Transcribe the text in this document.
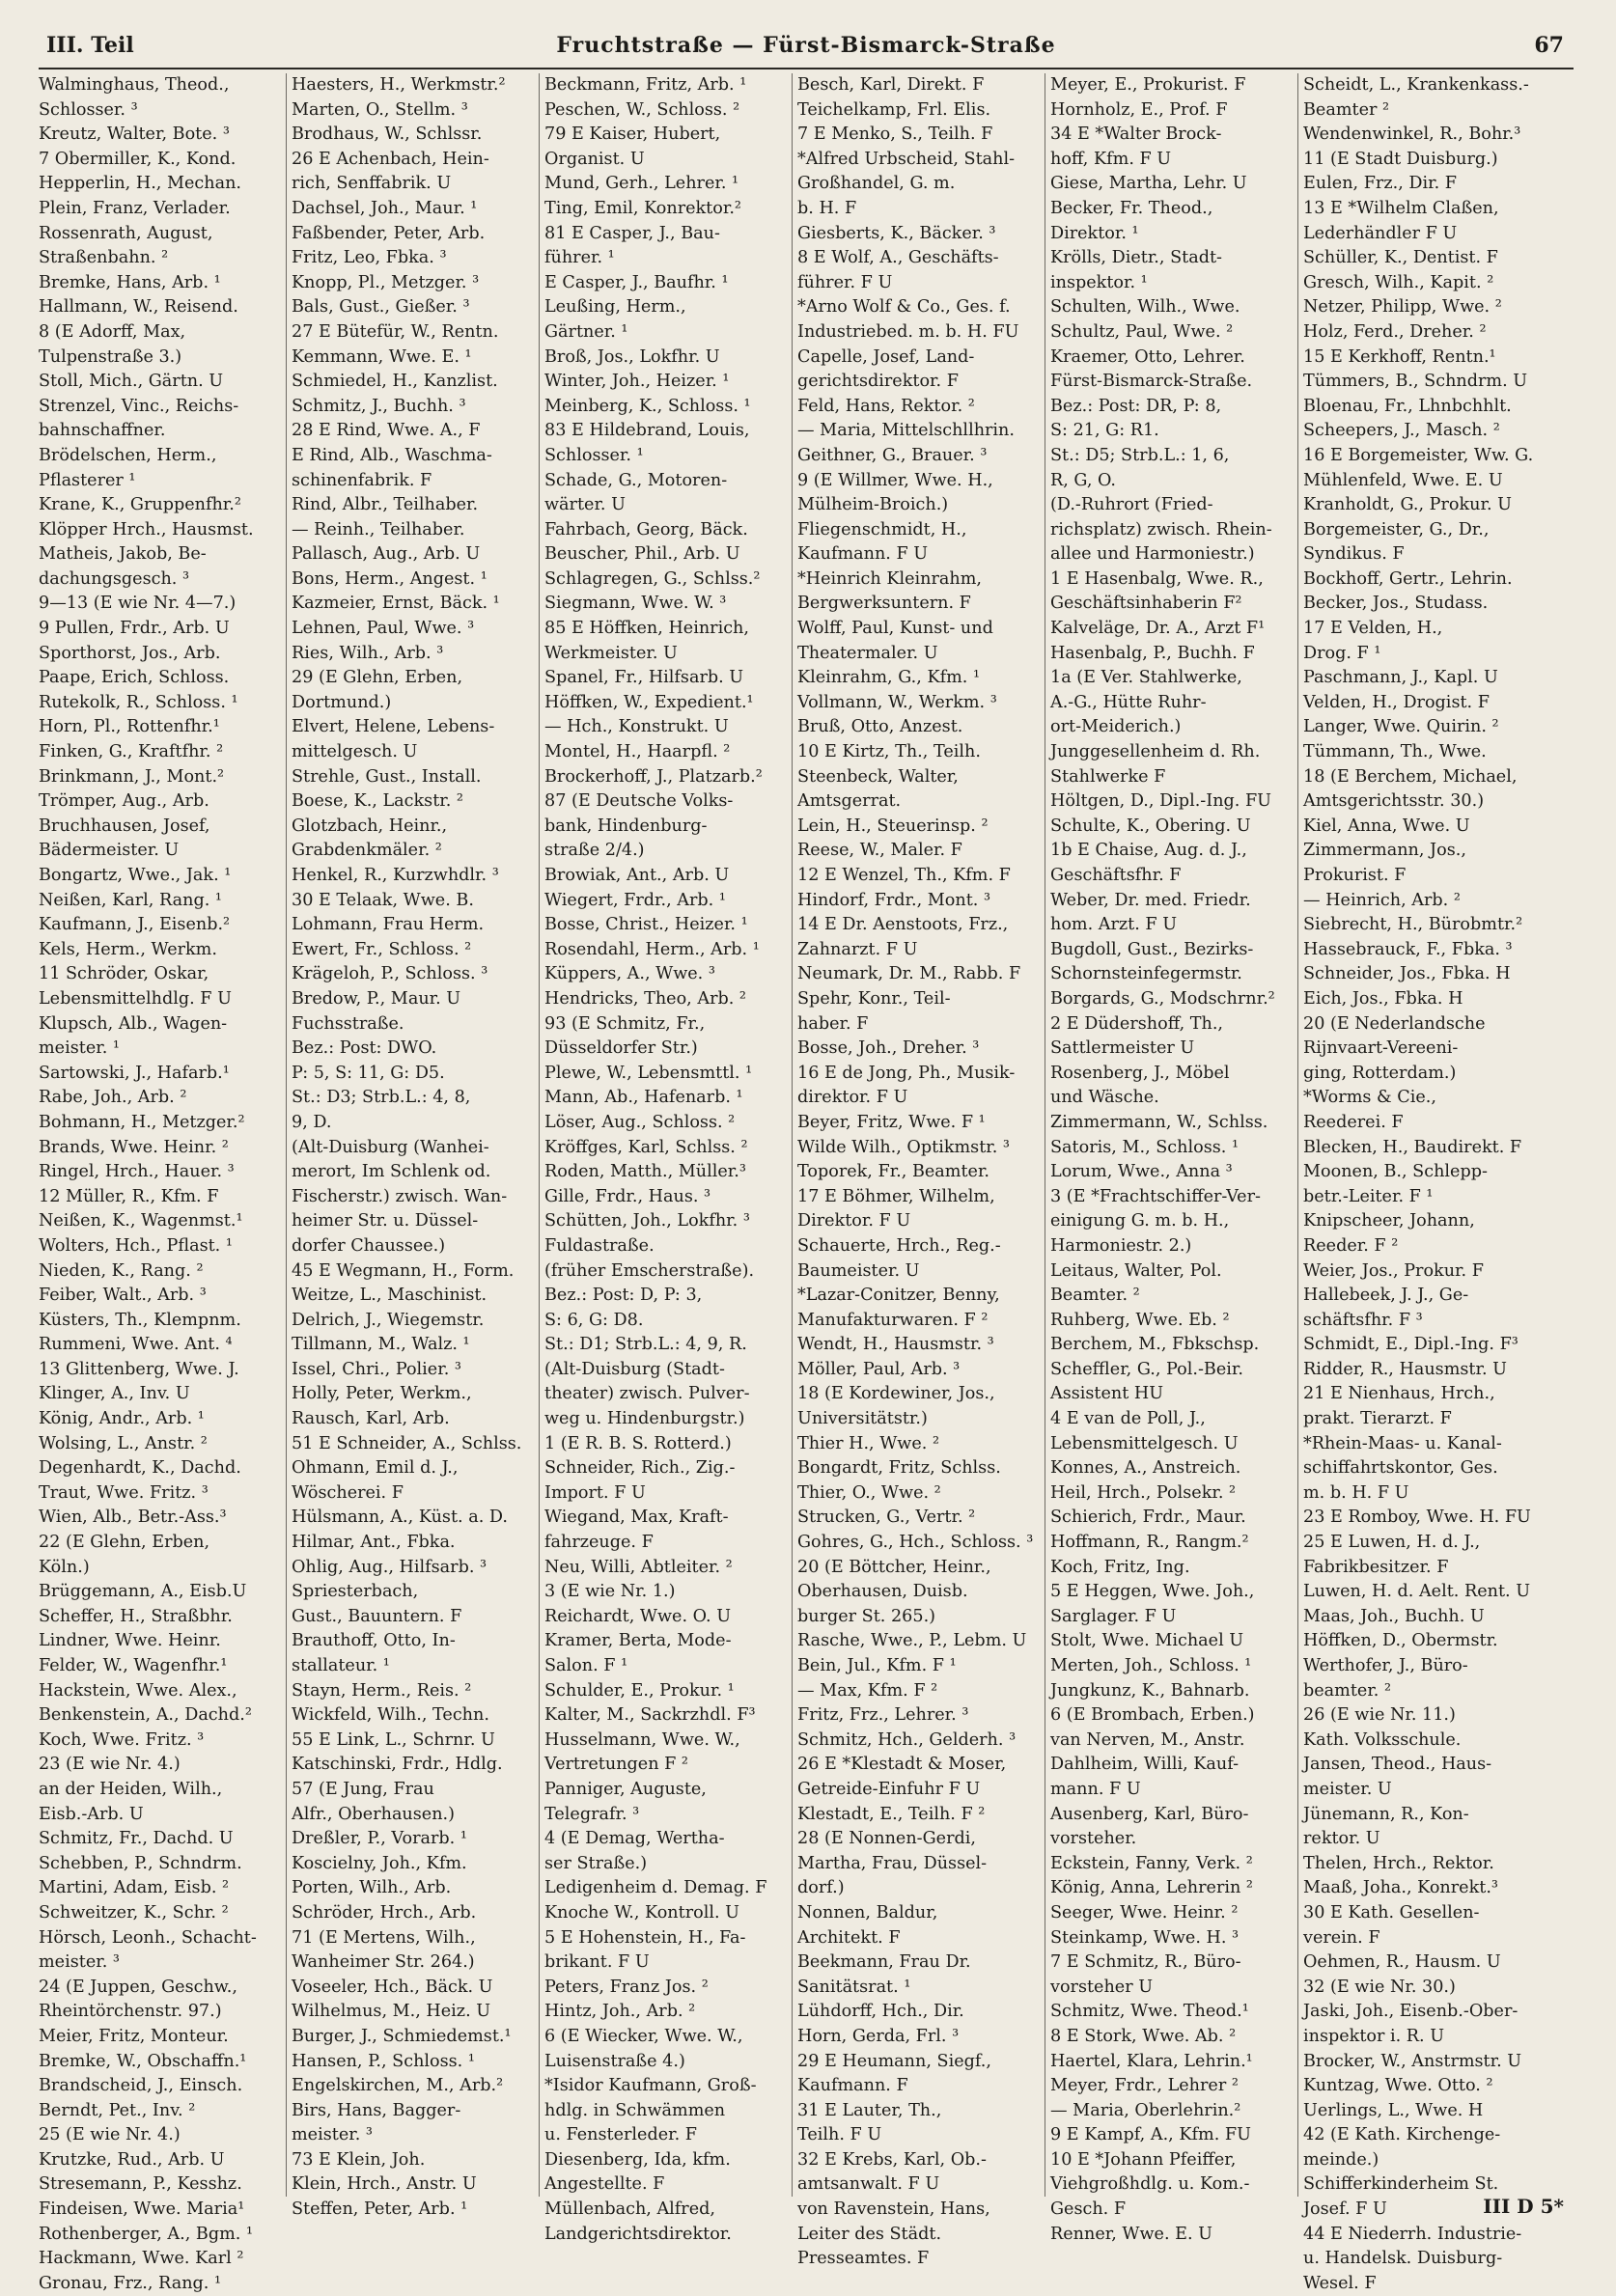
III. Teil	Fruchtstraße — Fürst-Bismarck-Straße	67
Walminghaus, Theod.,
Schlosser. ³
Kreutz, Walter, Bote. ³
7 Obermiller, K., Kond.
Hepperlin, H., Mechan.
Plein, Franz, Verlader.
Rossenrath, August,
Straßenbahn. ²
Bremke, Hans, Arb. ¹
Hallmann, W., Reisend.
8 (E Adorff, Max,
Tulpenstraße 3.)
Stoll, Mich., Gärtn. U
Strenzel, Vinc., Reichs-
bahnschaffner.
Brödelschen, Herm.,
Pflasterer ¹
Krane, K., Gruppenfhr.²
Klöpper Hrch., Hausmst.
Matheis, Jakob, Be-
dachungsgesch. ³
9—13 (E wie Nr. 4—7.)
9 Pullen, Frdr., Arb. U
Sporthorst, Jos., Arb.
Paape, Erich, Schloss.
Rutekolk, R., Schloss. ¹
Horn, Pl., Rottenfhr.¹
Finken, G., Kraftfhr. ²
Brinkmann, J., Mont.²
Trömper, Aug., Arb.
Bruchhausen, Josef,
Bädermeister. U
Bongartz, Wwe., Jak. ¹
Neißen, Karl, Rang. ¹
Kaufmann, J., Eisenb.²
Kels, Herm., Werkm.
11 Schröder, Oskar,
Lebensmittelhdlg. F U
Klupsch, Alb., Wagen-
meister. ¹
Sartowski, J., Hafarb.¹
Rabe, Joh., Arb. ²
Bohmann, H., Metzger.²
Brands, Wwe. Heinr. ²
Ringel, Hrch., Hauer. ³
12 Müller, R., Kfm. F
Neißen, K., Wagenmst.¹
Wolters, Hch., Pflast. ¹
Nieden, K., Rang. ²
Feiber, Walt., Arb. ³
Küsters, Th., Klempnm.
Rummeni, Wwe. Ant. ⁴
13 Glittenberg, Wwe. J.
Klinger, A., Inv. U
König, Andr., Arb. ¹
Wolsing, L., Anstr. ²
Degenhardt, K., Dachd.
Traut, Wwe. Fritz. ³
Wien, Alb., Betr.-Ass.³
22 (E Glehn, Erben,
Köln.)
Brüggemann, A., Eisb.U
Scheffer, H., Straßbhr.
Lindner, Wwe. Heinr.
Felder, W., Wagenfhr.¹
Hackstein, Wwe. Alex.,
Benkenstein, A., Dachd.²
Koch, Wwe. Fritz. ³
23 (E wie Nr. 4.)
an der Heiden, Wilh.,
Eisb.-Arb. U
Schmitz, Fr., Dachd. U
Schebben, P., Schndrm.
Martini, Adam, Eisb. ²
Schweitzer, K., Schr. ²
Hörsch, Leonh., Schacht-
meister. ³
24 (E Juppen, Geschw.,
Rheintörchenstr. 97.)
Meier, Fritz, Monteur.
Bremke, W., Obschaffn.¹
Brandscheid, J., Einsch.
Berndt, Pet., Inv. ²
25 (E wie Nr. 4.)
Krutzke, Rud., Arb. U
Stresemann, P., Kesshz.
Findeisen, Wwe. Maria¹
Rothenberger, A., Bgm. ¹
Hackmann, Wwe. Karl ²
Gronau, Frz., Rang. ¹
Haesters, H., Werkmstr.²
Marten, O., Stellm. ³
Brodhaus, W., Schlssr.
26 E Achenbach, Hein-
rich, Senffabrik. U
Dachsel, Joh., Maur. ¹
Faßbender, Peter, Arb.
Fritz, Leo, Fbka. ³
Knopp, Pl., Metzger. ³
Bals, Gust., Gießer. ³
27 E Bütefür, W., Rentn.
Kemmann, Wwe. E. ¹
Schmiedel, H., Kanzlist.
Schmitz, J., Buchh. ³
28 E Rind, Wwe. A., F
E Rind, Alb., Waschma-
schinenfabrik. F
Rind, Albr., Teilhaber.
— Reinh., Teilhaber.
Pallasch, Aug., Arb. U
Bons, Herm., Angest. ¹
Kazmeier, Ernst, Bäck. ¹
Lehnen, Paul, Wwe. ³
Ries, Wilh., Arb. ³
29 (E Glehn, Erben,
Dortmund.)
Elvert, Helene, Lebens-
mittelgesch. U
Strehle, Gust., Install.
Boese, K., Lackstr. ²
Glotzbach, Heinr.,
Grabdenkmäler. ²
Henkel, R., Kurzwhdlr. ³
30 E Telaak, Wwe. B.
Lohmann, Frau Herm.
Ewert, Fr., Schloss. ²
Krägeloh, P., Schloss. ³
Bredow, P., Maur. U
Fuchsstraße.
Bez.: Post: DWO.
P: 5, S: 11, G: D5.
St.: D3; Strb.L.: 4, 8,
9, D.
(Alt-Duisburg (Wanhei-
merort, Im Schlenk od.
Fischerstr.) zwisch. Wan-
heimer Str. u. Düssel-
dorfer Chaussee.)
45 E Wegmann, H., Form.
Weitze, L., Maschinist.
Delrich, J., Wiegemstr.
Tillmann, M., Walz. ¹
Issel, Chri., Polier. ³
Holly, Peter, Werkm.,
Rausch, Karl, Arb.
51 E Schneider, A., Schlss.
Ohmann, Emil d. J.,
Wöscherei. F
Hülsmann, A., Küst. a. D.
Hilmar, Ant., Fbka.
Ohlig, Aug., Hilfsarb. ³
Spriesterbach,
Gust., Bauuntern. F
Brauthoff, Otto, In-
stallateur. ¹
Stayn, Herm., Reis. ²
Wickfeld, Wilh., Techn.
55 E Link, L., Schrnr. U
Katschinski, Frdr., Hdlg.
57 (E Jung, Frau
Alfr., Oberhausen.)
Dreßler, P., Vorarb. ¹
Koscielny, Joh., Kfm.
Porten, Wilh., Arb.
Schröder, Hrch., Arb.
71 (E Mertens, Wilh.,
Wanheimer Str. 264.)
Voseeler, Hch., Bäck. U
Wilhelmus, M., Heiz. U
Burger, J., Schmiedemst.¹
Hansen, P., Schloss. ¹
Engelskirchen, M., Arb.²
Birs, Hans, Bagger-
meister. ³
73 E Klein, Joh.
Klein, Hrch., Anstr. U
Steffen, Peter, Arb. ¹
Beckmann, Fritz, Arb. ¹
Peschen, W., Schloss. ²
79 E Kaiser, Hubert,
Organist. U
Mund, Gerh., Lehrer. ¹
Ting, Emil, Konrektor.²
81 E Casper, J., Bau-
führer. ¹
E Casper, J., Baufhr. ¹
Leußing, Herm.,
Gärtner. ¹
Broß, Jos., Lokfhr. U
Winter, Joh., Heizer. ¹
Meinberg, K., Schloss. ¹
83 E Hildebrand, Louis,
Schlosser. ¹
Schade, G., Motoren-
wärter. U
Fahrbach, Georg, Bäck.
Beuscher, Phil., Arb. U
Schlagregen, G., Schlss.²
Siegmann, Wwe. W. ³
85 E Höffken, Heinrich,
Werkmeister. U
Spanel, Fr., Hilfsarb. U
Höffken, W., Expedient.¹
— Hch., Konstrukt. U
Montel, H., Haarpfl. ²
Brockerhoff, J., Platzarb.²
87 (E Deutsche Volks-
bank, Hindenburg-
straße 2/4.)
Browiak, Ant., Arb. U
Wiegert, Frdr., Arb. ¹
Bosse, Christ., Heizer. ¹
Rosendahl, Herm., Arb. ¹
Küppers, A., Wwe. ³
Hendricks, Theo, Arb. ²
93 (E Schmitz, Fr.,
Düsseldorfer Str.)
Plewe, W., Lebensmttl. ¹
Mann, Ab., Hafenarb. ¹
Löser, Aug., Schloss. ²
Kröffges, Karl, Schlss. ²
Roden, Matth., Müller.³
Gille, Frdr., Haus. ³
Schütten, Joh., Lokfhr. ³
Fuldastraße.
(früher Emscherstraße).
Bez.: Post: D, P: 3,
S: 6, G: D8.
St.: D1; Strb.L.: 4, 9, R.
(Alt-Duisburg (Stadt-
theater) zwisch. Pulver-
weg u. Hindenburgstr.)
1 (E R. B. S. Rotterd.)
Schneider, Rich., Zig.-
Import. F U
Wiegand, Max, Kraft-
fahrzeuge. F
Neu, Willi, Abtleiter. ²
3 (E wie Nr. 1.)
Reichardt, Wwe. O. U
Kramer, Berta, Mode-
Salon. F ¹
Schulder, E., Prokur. ¹
Kalter, M., Sackrzhdl. F³
Husselmann, Wwe. W.,
Vertretungen F ²
Panniger, Auguste,
Telegrafr. ³
4 (E Demag, Wertha-
ser Straße.)
Ledigenheim d. Demag. F
Knoche W., Kontroll. U
5 E Hohenstein, H., Fa-
brikant. F U
Peters, Franz Jos. ²
Hintz, Joh., Arb. ²
6 (E Wiecker, Wwe. W.,
Luisenstraße 4.)
*Isidor Kaufmann, Groß-
hdlg. in Schwämmen
u. Fensterleder. F
Diesenberg, Ida, kfm.
Angestellte. F
Müllenbach, Alfred,
Landgerichtsdirektor.
Besch, Karl, Direkt. F
Teichelkamp, Frl. Elis.
7 E Menko, S., Teilh. F
*Alfred Urbscheid, Stahl-
Großhandel, G. m.
b. H. F
Giesberts, K., Bäcker. ³
8 E Wolf, A., Geschäfts-
führer. F U
*Arno Wolf & Co., Ges. f.
Industriebed. m. b. H. FU
Capelle, Josef, Land-
gerichtsdirektor. F
Feld, Hans, Rektor. ²
— Maria, Mittelschllhrin.
Geithner, G., Brauer. ³
9 (E Willmer, Wwe. H.,
Mülheim-Broich.)
Fliegenschmidt, H.,
Kaufmann. F U
*Heinrich Kleinrahm,
Bergwerksuntern. F
Wolff, Paul, Kunst- und
Theatermaler. U
Kleinrahm, G., Kfm. ¹
Vollmann, W., Werkm. ³
Bruß, Otto, Anzest.
10 E Kirtz, Th., Teilh.
Steenbeck, Walter,
Amtsgerrat.
Lein, H., Steuerinsp. ²
Reese, W., Maler. F
12 E Wenzel, Th., Kfm. F
Hindorf, Frdr., Mont. ³
14 E Dr. Aenstoots, Frz.,
Zahnarzt. F U
Neumark, Dr. M., Rabb. F
Spehr, Konr., Teil-
haber. F
Bosse, Joh., Dreher. ³
16 E de Jong, Ph., Musik-
direktor. F U
Beyer, Fritz, Wwe. F ¹
Wilde Wilh., Optikmstr. ³
Toporek, Fr., Beamter.
17 E Böhmer, Wilhelm,
Direktor. F U
Schauerte, Hrch., Reg.-
Baumeister. U
*Lazar-Conitzer, Benny,
Manufakturwaren. F ²
Wendt, H., Hausmstr. ³
Möller, Paul, Arb. ³
18 (E Kordewiner, Jos.,
Universitätstr.)
Thier H., Wwe. ²
Bongardt, Fritz, Schlss.
Thier, O., Wwe. ²
Strucken, G., Vertr. ²
Gohres, G., Hch., Schloss. ³
20 (E Böttcher, Heinr.,
Oberhausen, Duisb.
burger St. 265.)
Rasche, Wwe., P., Lebm. U
Bein, Jul., Kfm. F ¹
— Max, Kfm. F ²
Fritz, Frz., Lehrer. ³
Schmitz, Hch., Gelderh. ³
26 E *Klestadt & Moser,
Getreide-Einfuhr F U
Klestadt, E., Teilh. F ²
28 (E Nonnen-Gerdi,
Martha, Frau, Düssel-
dorf.)
Nonnen, Baldur,
Architekt. F
Beekmann, Frau Dr.
Sanitätsrat. ¹
Lühdorff, Hch., Dir.
Horn, Gerda, Frl. ³
29 E Heumann, Siegf.,
Kaufmann. F
31 E Lauter, Th.,
Teilh. F U
32 E Krebs, Karl, Ob.-
amtsanwalt. F U
von Ravenstein, Hans,
Leiter des Städt.
Presseamtes. F
Meyer, E., Prokurist. F
Hornholz, E., Prof. F
34 E *Walter Brock-
hoff, Kfm. F U
Giese, Martha, Lehr. U
Becker, Fr. Theod.,
Direktor. ¹
Krölls, Dietr., Stadt-
inspektor. ¹
Schulten, Wilh., Wwe.
Schultz, Paul, Wwe. ²
Kraemer, Otto, Lehrer.
Fürst-Bismarck-Straße.
Bez.: Post: DR, P: 8,
S: 21, G: R1.
St.: D5; Strb.L.: 1, 6,
R, G, O.
(D.-Ruhrort (Fried-
richsplatz) zwisch. Rhein-
allee und Harmoniestr.)
1 E Hasenbalg, Wwe. R.,
Geschäftsinhaberin F²
Kalveläge, Dr. A., Arzt F¹
Hasenbalg, P., Buchh. F
1a (E Ver. Stahlwerke,
A.-G., Hütte Ruhr-
ort-Meiderich.)
Junggesellenheim d. Rh.
Stahlwerke F
Höltgen, D., Dipl.-Ing. FU
Schulte, K., Obering. U
1b E Chaise, Aug. d. J.,
Geschäftsfhr. F
Weber, Dr. med. Friedr.
hom. Arzt. F U
Bugdoll, Gust., Bezirks-
Schornsteinfegermstr.
Borgards, G., Modschrnr.²
2 E Düdershoff, Th.,
Sattlermeister U
Rosenberg, J., Möbel
und Wäsche.
Zimmermann, W., Schlss.
Satoris, M., Schloss. ¹
Lorum, Wwe., Anna ³
3 (E *Frachtschiffer-Ver-
einigung G. m. b. H.,
Harmoniestr. 2.)
Leitaus, Walter, Pol.
Beamter. ²
Ruhberg, Wwe. Eb. ²
Berchem, M., Fbkschsp.
Scheffler, G., Pol.-Beir.
Assistent HU
4 E van de Poll, J.,
Lebensmittelgesch. U
Konnes, A., Anstreich.
Heil, Hrch., Polsekr. ²
Schierich, Frdr., Maur.
Hoffmann, R., Rangm.²
Koch, Fritz, Ing.
5 E Heggen, Wwe. Joh.,
Sarglager. F U
Stolt, Wwe. Michael U
Merten, Joh., Schloss. ¹
Jungkunz, K., Bahnarb.
6 (E Brombach, Erben.)
van Nerven, M., Anstr.
Dahlheim, Willi, Kauf-
mann. F U
Ausenberg, Karl, Büro-
vorsteher.
Eckstein, Fanny, Verk. ²
König, Anna, Lehrerin ²
Seeger, Wwe. Heinr. ²
Steinkamp, Wwe. H. ³
7 E Schmitz, R., Büro-
vorsteher U
Schmitz, Wwe. Theod.¹
8 E Stork, Wwe. Ab. ²
Haertel, Klara, Lehrin.¹
Meyer, Frdr., Lehrer ²
— Maria, Oberlehrin.²
9 E Kampf, A., Kfm. FU
10 E *Johann Pfeiffer,
Viehgroßhdlg. u. Kom.-
Gesch. F
Renner, Wwe. E. U
Scheidt, L., Krankenkass.-
Beamter ²
Wendenwinkel, R., Bohr.³
11 (E Stadt Duisburg.)
Eulen, Frz., Dir. F
13 E *Wilhelm Claßen,
Lederhändler F U
Schüller, K., Dentist. F
Gresch, Wilh., Kapit. ²
Netzer, Philipp, Wwe. ²
Holz, Ferd., Dreher. ²
15 E Kerkhoff, Rentn.¹
Tümmers, B., Schndrm. U
Bloenau, Fr., Lhnbchhlt.
Scheepers, J., Masch. ²
16 E Borgemeister, Ww. G.
Mühlenfeld, Wwe. E. U
Kranholdt, G., Prokur. U
Borgemeister, G., Dr.,
Syndikus. F
Bockhoff, Gertr., Lehrin.
Becker, Jos., Studass.
17 E Velden, H.,
Drog. F ¹
Paschmann, J., Kapl. U
Velden, H., Drogist. F
Langer, Wwe. Quirin. ²
Tümmann, Th., Wwe.
18 (E Berchem, Michael,
Amtsgerichtsstr. 30.)
Kiel, Anna, Wwe. U
Zimmermann, Jos.,
Prokurist. F
— Heinrich, Arb. ²
Siebrecht, H., Bürobmtr.²
Hassebrauck, F., Fbka. ³
Schneider, Jos., Fbka. H
Eich, Jos., Fbka. H
20 (E Nederlandsche
Rijnvaart-Vereeni-
ging, Rotterdam.)
*Worms & Cie.,
Reederei. F
Blecken, H., Baudirekt. F
Moonen, B., Schlepp-
betr.-Leiter. F ¹
Knipscheer, Johann,
Reeder. F ²
Weier, Jos., Prokur. F
Hallebeek, J. J., Ge-
schäftsfhr. F ³
Schmidt, E., Dipl.-Ing. F³
Ridder, R., Hausmstr. U
21 E Nienhaus, Hrch.,
prakt. Tierarzt. F
*Rhein-Maas- u. Kanal-
schiffahrtskontor, Ges.
m. b. H. F U
23 E Romboy, Wwe. H. FU
25 E Luwen, H. d. J.,
Fabrikbesitzer. F
Luwen, H. d. Aelt. Rent. U
Maas, Joh., Buchh. U
Höffken, D., Obermstr.
Werthofer, J., Büro-
beamter. ²
26 (E wie Nr. 11.)
Kath. Volksschule.
Jansen, Theod., Haus-
meister. U
Jünemann, R., Kon-
rektor. U
Thelen, Hrch., Rektor.
Maaß, Joha., Konrekt.³
30 E Kath. Gesellen-
verein. F
Oehmen, R., Hausm. U
32 (E wie Nr. 30.)
Jaski, Joh., Eisenb.-Ober-
inspektor i. R. U
Brocker, W., Anstrmstr. U
Kuntzag, Wwe. Otto. ²
Uerlings, L., Wwe. H
42 (E Kath. Kirchenge-
meinde.)
Schifferkinderheim St.
Josef. F U
44 E Niederrh. Industrie-
u. Handelsk. Duisburg-
Wesel. F
III D 5*
